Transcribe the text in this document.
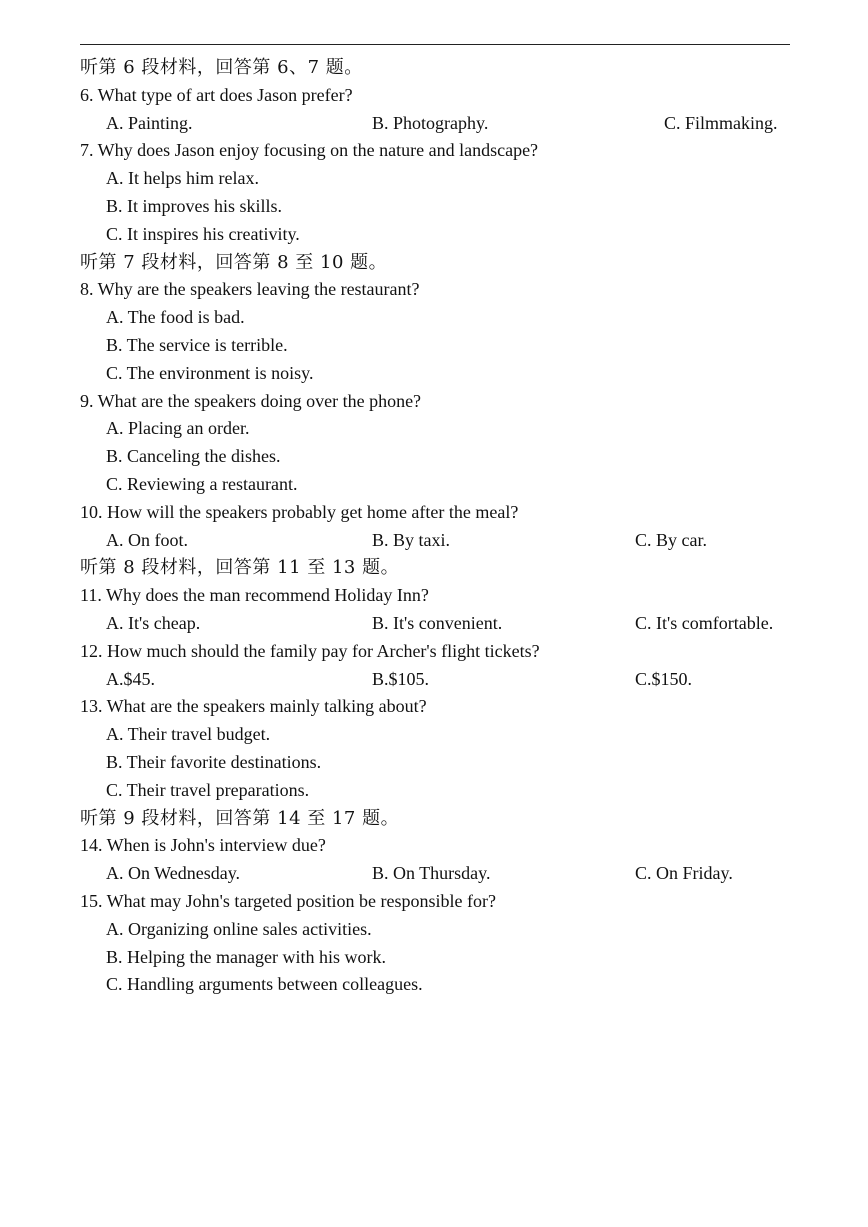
听第 6 段材料，回答第 6、7 题。
6. What type of art does Jason prefer?
A. Painting.	B. Photography.	C. Filmmaking.
7. Why does Jason enjoy focusing on the nature and landscape?
A. It helps him relax.
B. It improves his skills.
C. It inspires his creativity.
听第 7 段材料，回答第 8 至 10 题。
8. Why are the speakers leaving the restaurant?
A. The food is bad.
B. The service is terrible.
C. The environment is noisy.
9. What are the speakers doing over the phone?
A. Placing an order.
B. Canceling the dishes.
C. Reviewing a restaurant.
10. How will the speakers probably get home after the meal?
A. On foot.	B. By taxi.	C. By car.
听第 8 段材料，回答第 11 至 13 题。
11. Why does the man recommend Holiday Inn?
A. It's cheap.	B. It's convenient.	C. It's comfortable.
12. How much should the family pay for Archer's flight tickets?
A.$45.	B.$105.	C.$150.
13. What are the speakers mainly talking about?
A. Their travel budget.
B. Their favorite destinations.
C. Their travel preparations.
听第 9 段材料，回答第 14 至 17 题。
14. When is John's interview due?
A. On Wednesday.	B. On Thursday.	C. On Friday.
15. What may John's targeted position be responsible for?
A. Organizing online sales activities.
B. Helping the manager with his work.
C. Handling arguments between colleagues.
